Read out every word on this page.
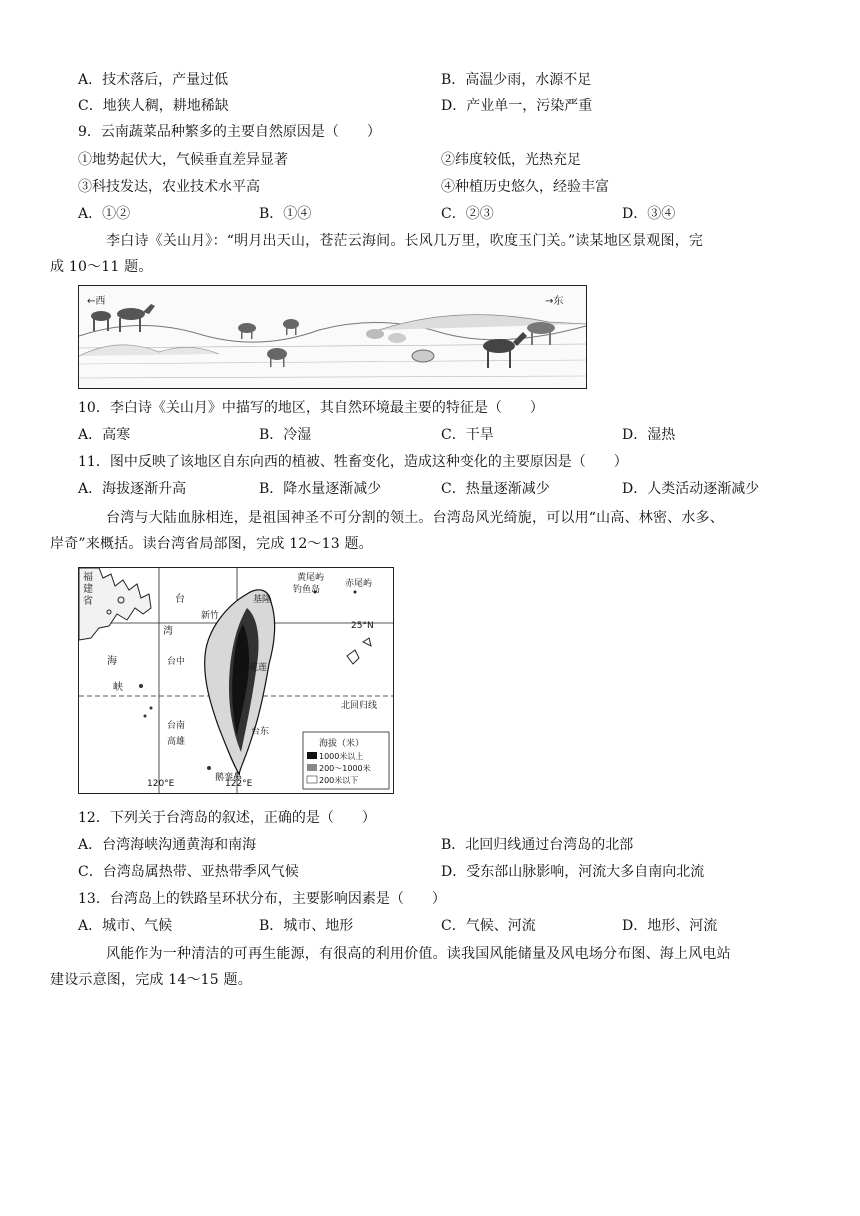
A．技术落后，产量过低	B．高温少雨，水源不足
C．地狭人稠，耕地稀缺	D．产业单一，污染严重
9．云南蔬菜品种繁多的主要自然原因是（　　）
①地势起伏大，气候垂直差异显著	②纬度较低，光热充足
③科技发达，农业技术水平高	④种植历史悠久，经验丰富
A．①②	B．①④	C．②③	D．③④
李白诗《关山月》：“明月出天山，苍茫云海间。长风几万里，吹度玉门关。”读某地区景观图，完
成 10～11 题。
←西	→东
10．李白诗《关山月》中描写的地区，其自然环境最主要的特征是（　　）
A．高寒	B．冷湿	C．干旱	D．湿热
11．图中反映了该地区自东向西的植被、牲畜变化，造成这种变化的主要原因是（　　）
A．海拔逐渐升高	B．降水量逐渐减少	C．热量逐渐减少	D．人类活动逐渐减少
台湾与大陆血脉相连，是祖国神圣不可分割的领土。台湾岛风光绮旎，可以用“山高、林密、水多、
岸奇”来概括。读台湾省局部图，完成 12～13 题。
福
建
省	台
湾
海
峡
黄尾屿
钓鱼岛
赤尾屿
基隆
新竹
台中
花莲
台南
高雄
台东
鹅銮鼻
25°N
北回归线
120°E	122°E
海拔（米）
1000米以上
200～1000米
200米以下
12．下列关于台湾岛的叙述，正确的是（　　）
A．台湾海峡沟通黄海和南海	B．北回归线通过台湾岛的北部
C．台湾岛属热带、亚热带季风气候	D．受东部山脉影响，河流大多自南向北流
13．台湾岛上的铁路呈环状分布，主要影响因素是（　　）
A．城市、气候	B．城市、地形	C．气候、河流	D．地形、河流
风能作为一种清洁的可再生能源，有很高的利用价值。读我国风能储量及风电场分布图、海上风电站
建设示意图，完成 14～15 题。
